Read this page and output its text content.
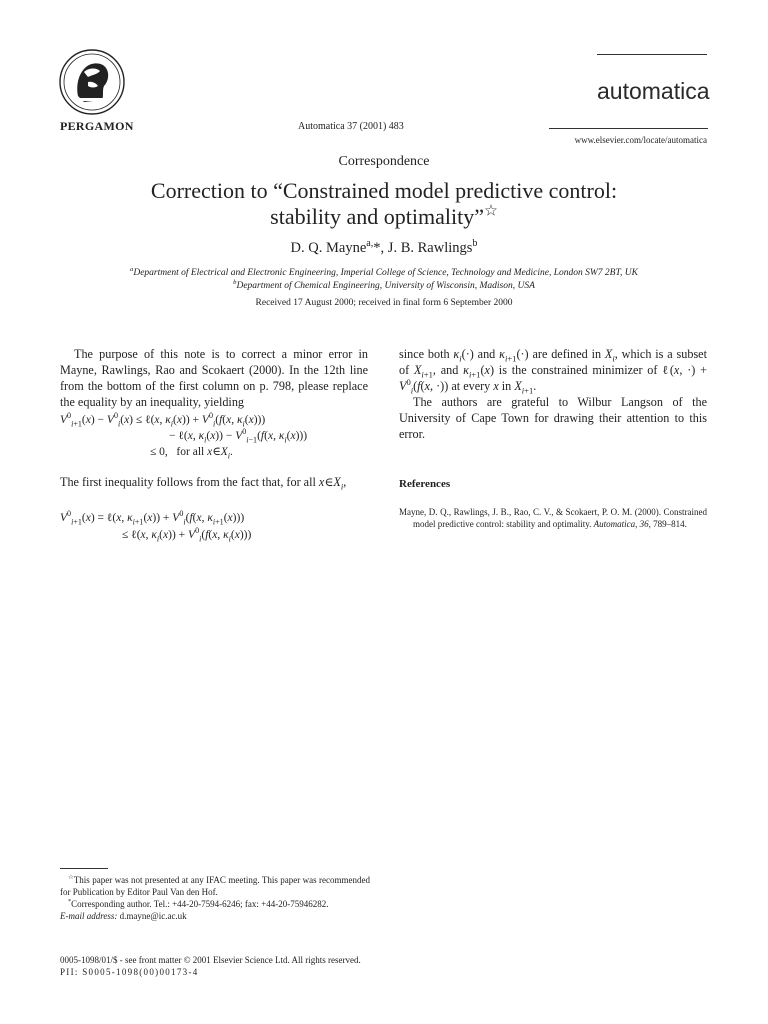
PERGAMON	Automatica 37 (2001) 483
automatica
www.elsevier.com/locate/automatica
Correspondence
Correction to “Constrained model predictive control:
stability and optimality”☆
D. Q. Mayne$^{a,}$*, J. B. Rawlings$^b$
$^a$Department of Electrical and Electronic Engineering, Imperial College of Science, Technology and Medicine, London SW7 2BT, UK
$^b$Department of Chemical Engineering, University of Wisconsin, Madison, USA
Received 17 August 2000; received in final form 6 September 2000

The purpose of this note is to correct a minor error in Mayne, Rawlings, Rao and Scokaert (2000). In the 12th line from the bottom of the first column on p. 798, please replace the equality by an inequality, yielding

$V^0_{i+1}(x) - V^0_i(x)$ ≤ ℓ(x, $\kappa_i(x)) + V^0_i(f(x$, $\kappa_i(x)$))
− ℓ(x, $\kappa_i(x)) - V^0_{i-1}(f(x$, $\kappa_i(x)$))
≤ 0,   for all $x\in X_i$.

The first inequality follows from the fact that, for all $x\in X_i$,

$V^0_{i+1}(x)$ = ℓ(x, $\kappa_{i+1}(x)) + V^0_i(f(x$, $\kappa_{i+1}(x)$))
≤ ℓ(x, $\kappa_i(x)) + V^0_i(f(x$, $\kappa_i(x)$))

since both $\kappa_i(\cdot)$ and $\kappa_{i+1}(\cdot)$ are defined in $X_i$, which is a subset of $X_{i+1}$, and $\kappa_{i+1}(x)$ is the constrained minimizer of ℓ(x, ·) + $V^0_i(f(x$, ·)) at every x in $X_{i+1}$.

The authors are grateful to Wilbur Langson of the University of Cape Town for drawing their attention to this error.

References
Mayne, D. Q., Rawlings, J. B., Rao, C. V., & Scokaert, P. O. M. (2000). Constrained model predictive control: stability and optimality. Automatica, 36, 789–814.

☆This paper was not presented at any IFAC meeting. This paper was recommended for Publication by Editor Paul Van den Hof.

*Corresponding author. Tel.: +44-20-7594-6246; fax: +44-20-75946282.

E-mail address: d.mayne@ic.ac.uk

0005-1098/01/$ - see front matter © 2001 Elsevier Science Ltd. All rights reserved.
PII: S0005-1098(00)00173-4
